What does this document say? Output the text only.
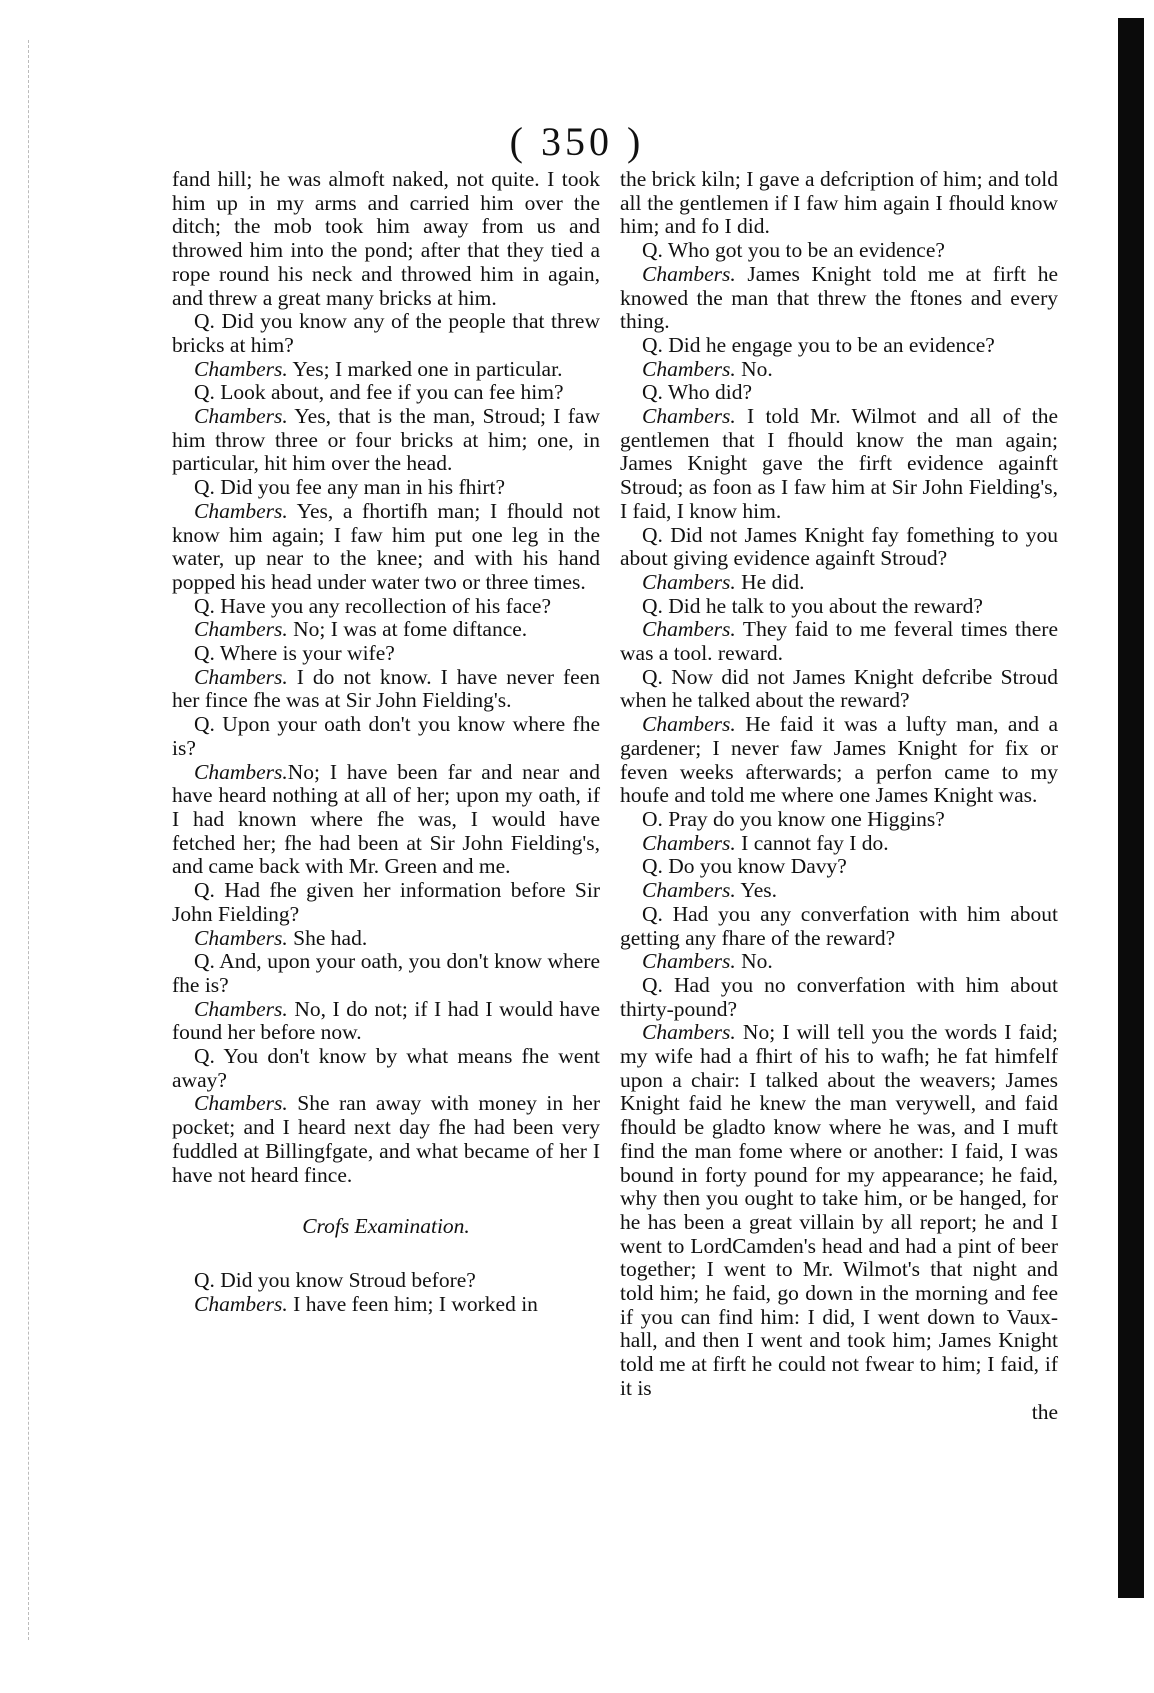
( 350 )

fand hill; he was almoft naked, not quite. I took him up in my arms and carried him over the ditch; the mob took him away from us and throwed him into the pond; after that they tied a rope round his neck and throwed him in again, and threw a great many bricks at him.

Q. Did you know any of the people that threw bricks at him?

Chambers. Yes; I marked one in particular.

Q. Look about, and fee if you can fee him?

Chambers. Yes, that is the man, Stroud; I faw him throw three or four bricks at him; one, in particular, hit him over the head.

Q. Did you fee any man in his fhirt?

Chambers. Yes, a fhortifh man; I fhould not know him again; I faw him put one leg in the water, up near to the knee; and with his hand popped his head under water two or three times.

Q. Have you any recollection of his face?

Chambers. No; I was at fome diftance.

Q. Where is your wife?

Chambers. I do not know. I have never feen her fince fhe was at Sir John Fielding's.

Q. Upon your oath don't you know where fhe is?

Chambers.No; I have been far and near and have heard nothing at all of her; upon my oath, if I had known where fhe was, I would have fetched her; fhe had been at Sir John Fielding's, and came back with Mr. Green and me.

Q. Had fhe given her information before Sir John Fielding?

Chambers. She had.

Q. And, upon your oath, you don't know where fhe is?

Chambers. No, I do not; if I had I would have found her before now.

Q. You don't know by what means fhe went away?

Chambers. She ran away with money in her pocket; and I heard next day fhe had been very fuddled at Billingfgate, and what became of her I have not heard fince.

Crofs Examination.

Q. Did you know Stroud before?

Chambers. I have feen him; I worked in

the brick kiln; I gave a defcription of him; and told all the gentlemen if I faw him again I fhould know him; and fo I did.

Q. Who got you to be an evidence?

Chambers. James Knight told me at firft he knowed the man that threw the ftones and every thing.

Q. Did he engage you to be an evidence?

Chambers. No.

Q. Who did?

Chambers. I told Mr. Wilmot and all of the gentlemen that I fhould know the man again; James Knight gave the firft evidence againft Stroud; as foon as I faw him at Sir John Fielding's, I faid, I know him.

Q. Did not James Knight fay fomething to you about giving evidence againft Stroud?

Chambers. He did.

Q. Did he talk to you about the reward?

Chambers. They faid to me feveral times there was a tool. reward.

Q. Now did not James Knight defcribe Stroud when he talked about the reward?

Chambers. He faid it was a lufty man, and a gardener; I never faw James Knight for fix or feven weeks afterwards; a perfon came to my houfe and told me where one James Knight was.

O. Pray do you know one Higgins?

Chambers. I cannot fay I do.

Q. Do you know Davy?

Chambers. Yes.

Q. Had you any converfation with him about getting any fhare of the reward?

Chambers. No.

Q. Had you no converfation with him about thirty-pound?

Chambers. No; I will tell you the words I faid; my wife had a fhirt of his to wafh; he fat himfelf upon a chair: I talked about the weavers; James Knight faid he knew the man verywell, and faid fhould be gladto know where he was, and I muft find the man fome where or another: I faid, I was bound in forty pound for my appearance; he faid, why then you ought to take him, or be hanged, for he has been a great villain by all report; he and I went to LordCamden's head and had a pint of beer together; I went to Mr. Wilmot's that night and told him; he faid, go down in the morning and fee if you can find him: I did, I went down to Vaux-hall, and then I went and took him; James Knight told me at firft he could not fwear to him; I faid, if it is

the
